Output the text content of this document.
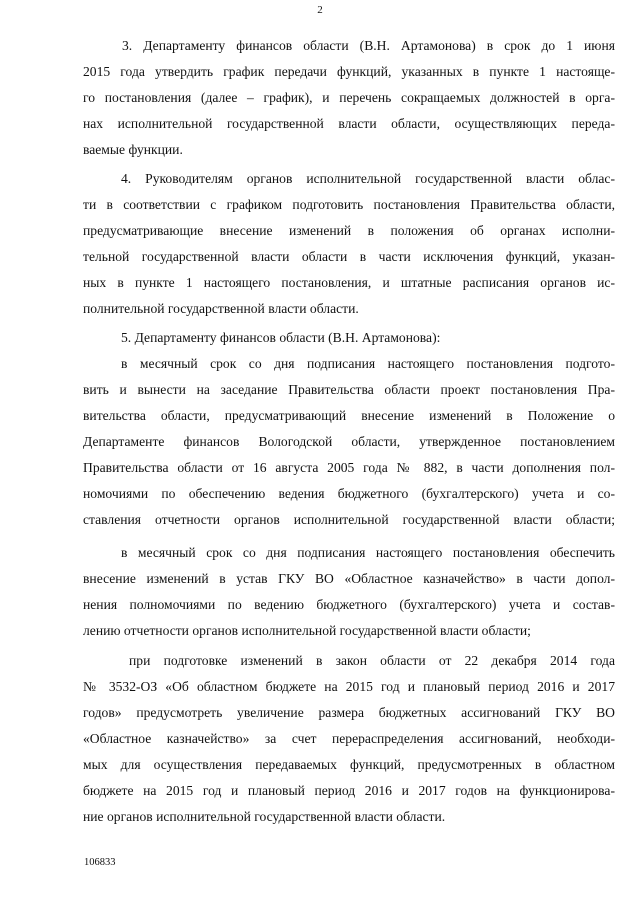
2
3. Департаменту финансов области (В.Н. Артамонова) в срок до 1 июня
2015 года утвердить график передачи функций, указанных в пункте 1 настояще-
го постановления (далее – график), и перечень сокращаемых должностей в орга-
нах исполнительной государственной власти области, осуществляющих переда-
ваемые функции.
4. Руководителям органов исполнительной государственной власти облас-
ти в соответствии с графиком подготовить постановления Правительства области,
предусматривающие внесение изменений в положения об органах исполни-
тельной государственной власти области в части исключения функций, указан-
ных в пункте 1 настоящего постановления, и штатные расписания органов ис-
полнительной государственной власти области.
5. Департаменту финансов области (В.Н. Артамонова):
в месячный срок со дня подписания настоящего постановления подгото-
вить и вынести на заседание Правительства области проект постановления Пра-
вительства области, предусматривающий внесение изменений в Положение о
Департаменте финансов Вологодской области, утвержденное постановлением
Правительства области от 16 августа 2005 года № 882, в части дополнения пол-
номочиями по обеспечению ведения бюджетного (бухгалтерского) учета и со-
ставления отчетности органов исполнительной государственной власти области;
в месячный срок со дня подписания настоящего постановления обеспечить
внесение изменений в устав ГКУ ВО «Областное казначейство» в части допол-
нения полномочиями по ведению бюджетного (бухгалтерского) учета и состав-
лению отчетности органов исполнительной государственной власти области;
при подготовке изменений в закон области от 22 декабря 2014 года
№ 3532-ОЗ «Об областном бюджете на 2015 год и плановый период 2016 и 2017
годов» предусмотреть увеличение размера бюджетных ассигнований ГКУ ВО
«Областное казначейство» за счет перераспределения ассигнований, необходи-
мых для осуществления передаваемых функций, предусмотренных в областном
бюджете на 2015 год и плановый период 2016 и 2017 годов на функционирова-
ние органов исполнительной государственной власти области.
106833
